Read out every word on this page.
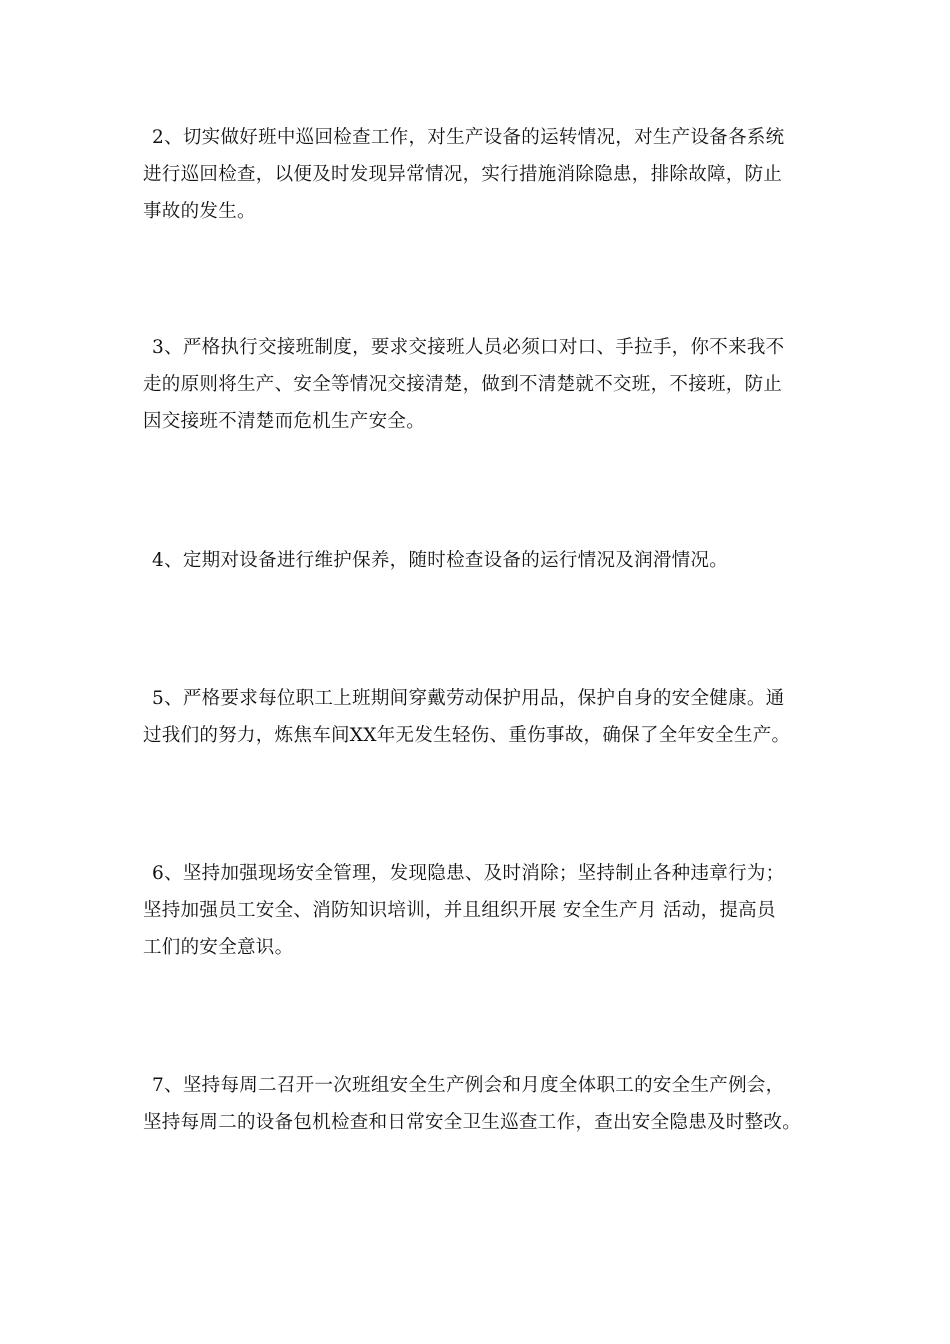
2、切实做好班中巡回检查工作，对生产设备的运转情况，对生产设备各系统
进行巡回检查，以便及时发现异常情况，实行措施消除隐患，排除故障，防止
事故的发生。

3、严格执行交接班制度，要求交接班人员必须口对口、手拉手，你不来我不
走的原则将生产、安全等情况交接清楚，做到不清楚就不交班，不接班，防止
因交接班不清楚而危机生产安全。

4、定期对设备进行维护保养，随时检查设备的运行情况及润滑情况。

5、严格要求每位职工上班期间穿戴劳动保护用品，保护自身的安全健康。通
过我们的努力，炼焦车间XX年无发生轻伤、重伤事故，确保了全年安全生产。

6、坚持加强现场安全管理，发现隐患、及时消除；坚持制止各种违章行为；
坚持加强员工安全、消防知识培训，并且组织开展 安全生产月 活动，提高员
工们的安全意识。

7、坚持每周二召开一次班组安全生产例会和月度全体职工的安全生产例会，
坚持每周二的设备包机检查和日常安全卫生巡查工作，查出安全隐患及时整改。
